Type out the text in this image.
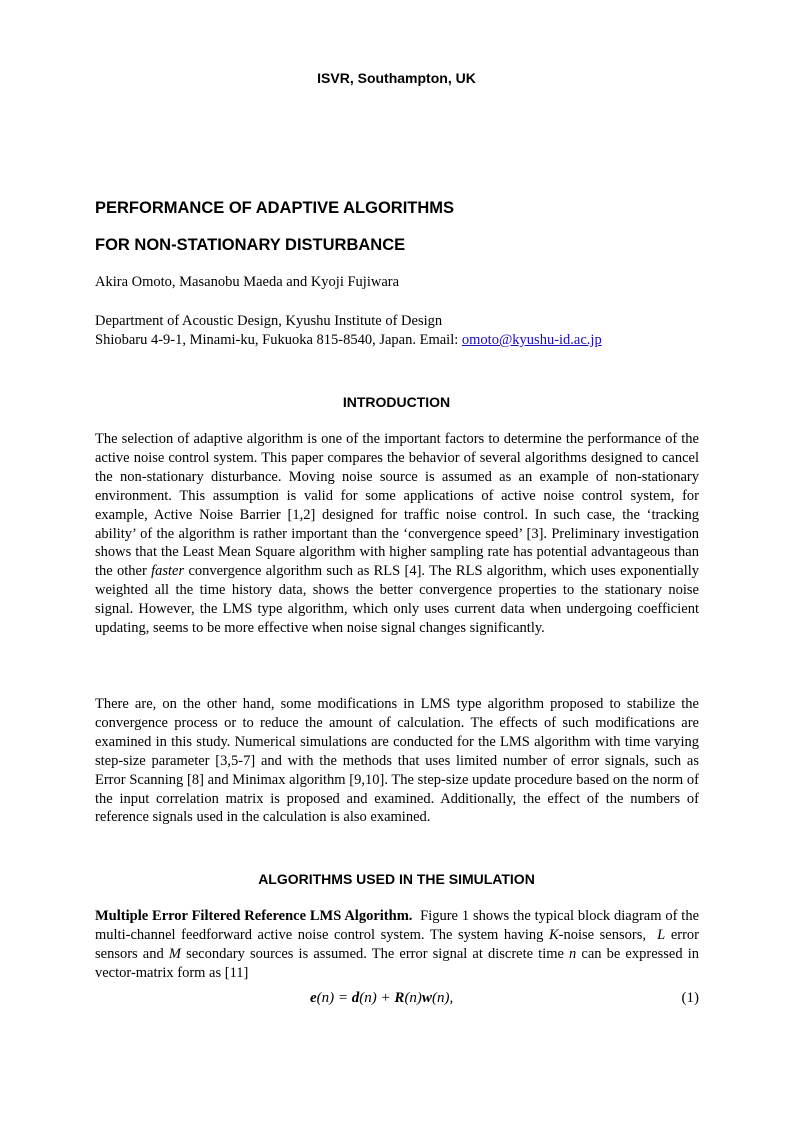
ISVR, Southampton, UK
PERFORMANCE OF ADAPTIVE ALGORITHMS
FOR NON-STATIONARY DISTURBANCE
Akira Omoto, Masanobu Maeda and Kyoji Fujiwara
Department of Acoustic Design, Kyushu Institute of Design
Shiobaru 4-9-1, Minami-ku, Fukuoka 815-8540, Japan. Email: omoto@kyushu-id.ac.jp
INTRODUCTION
The selection of adaptive algorithm is one of the important factors to determine the performance of the active noise control system. This paper compares the behavior of several algorithms designed to cancel the non-stationary disturbance. Moving noise source is assumed as an example of non-stationary environment. This assumption is valid for some applications of active noise control system, for example, Active Noise Barrier [1,2] designed for traffic noise control. In such case, the ‘tracking ability’ of the algorithm is rather important than the ‘convergence speed’ [3]. Preliminary investigation shows that the Least Mean Square algorithm with higher sampling rate has potential advantageous than the other faster convergence algorithm such as RLS [4]. The RLS algorithm, which uses exponentially weighted all the time history data, shows the better convergence properties to the stationary noise signal. However, the LMS type algorithm, which only uses current data when undergoing coefficient updating, seems to be more effective when noise signal changes significantly.
There are, on the other hand, some modifications in LMS type algorithm proposed to stabilize the convergence process or to reduce the amount of calculation. The effects of such modifications are examined in this study. Numerical simulations are conducted for the LMS algorithm with time varying step-size parameter [3,5-7] and with the methods that uses limited number of error signals, such as Error Scanning [8] and Minimax algorithm [9,10]. The step-size update procedure based on the norm of the input correlation matrix is proposed and examined. Additionally, the effect of the numbers of reference signals used in the calculation is also examined.
ALGORITHMS USED IN THE SIMULATION
Multiple Error Filtered Reference LMS Algorithm. Figure 1 shows the typical block diagram of the multi-channel feedforward active noise control system. The system having K-noise sensors, L error sensors and M secondary sources is assumed. The error signal at discrete time n can be expressed in vector-matrix form as [11]
e(n) = d(n) + R(n)w(n),	(1)
